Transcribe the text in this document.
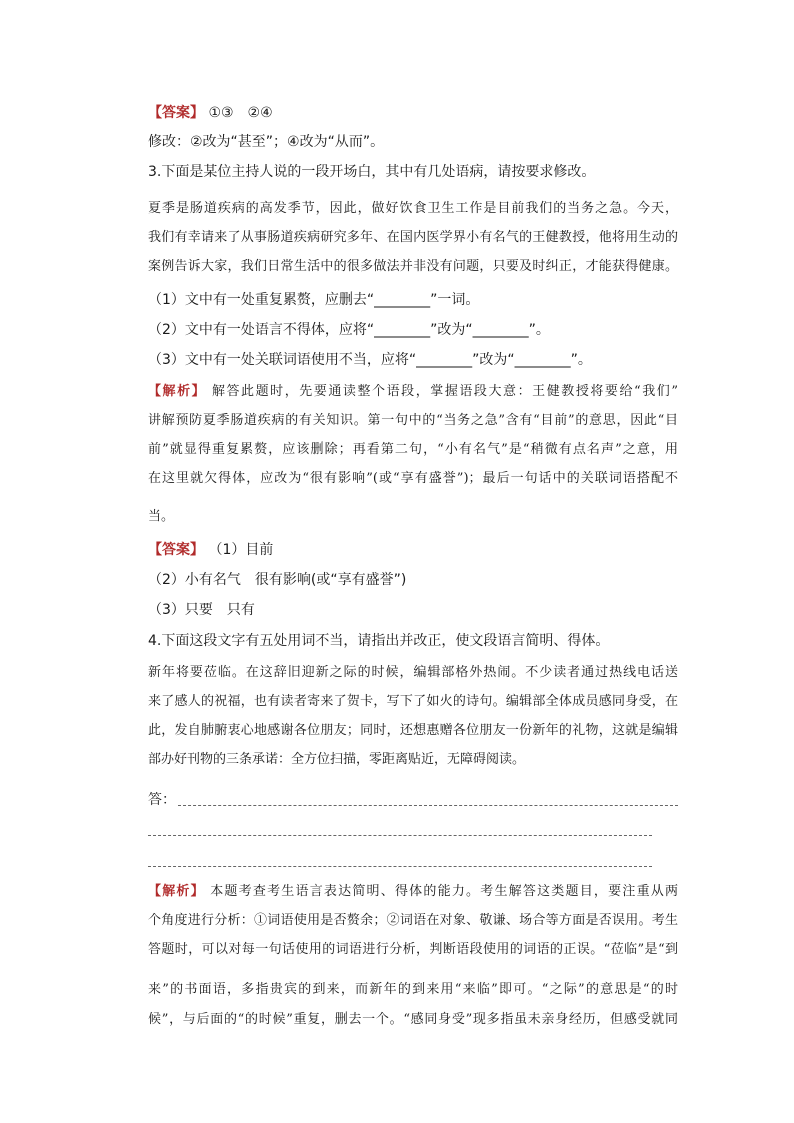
【答案】 ①③　②④
修改：②改为“甚至”；④改为“从而”。
3.下面是某位主持人说的一段开场白，其中有几处语病，请按要求修改。
夏季是肠道疾病的高发季节，因此，做好饮食卫生工作是目前我们的当务之急。今天，
我们有幸请来了从事肠道疾病研究多年、在国内医学界小有名气的王健教授，他将用生动的
案例告诉大家，我们日常生活中的很多做法并非没有问题，只要及时纠正，才能获得健康。
（1）文中有一处重复累赘，应删去“________”一词。
（2）文中有一处语言不得体，应将“________”改为“________”。
（3）文中有一处关联词语使用不当，应将“________”改为“________”。
【解析】 解答此题时，先要通读整个语段，掌握语段大意：王健教授将要给“我们”
讲解预防夏季肠道疾病的有关知识。第一句中的“当务之急”含有“目前”的意思，因此“目
前”就显得重复累赘，应该删除；再看第二句，“小有名气”是“稍微有点名声”之意，用
在这里就欠得体，应改为“很有影响”(或“享有盛誉”)；最后一句话中的关联词语搭配不
当。
【答案】 （1）目前
（2）小有名气　很有影响(或“享有盛誉”)
（3）只要　只有
4.下面这段文字有五处用词不当，请指出并改正，使文段语言简明、得体。
新年将要莅临。在这辞旧迎新之际的时候，编辑部格外热闹。不少读者通过热线电话送
来了感人的祝福，也有读者寄来了贺卡，写下了如火的诗句。编辑部全体成员感同身受，在
此，发自肺腑衷心地感谢各位朋友；同时，还想惠赠各位朋友一份新年的礼物，这就是编辑
部办好刊物的三条承诺：全方位扫描，零距离贴近，无障碍阅读。
答：
【解析】 本题考查考生语言表达简明、得体的能力。考生解答这类题目，要注重从两
个角度进行分析：①词语使用是否赘余；②词语在对象、敬谦、场合等方面是否误用。考生
答题时，可以对每一句话使用的词语进行分析，判断语段使用的词语的正误。“莅临”是“到
来”的书面语，多指贵宾的到来，而新年的到来用“来临”即可。“之际”的意思是“的时
候”，与后面的“的时候”重复，删去一个。“感同身受”现多指虽未亲身经历，但感受就同
